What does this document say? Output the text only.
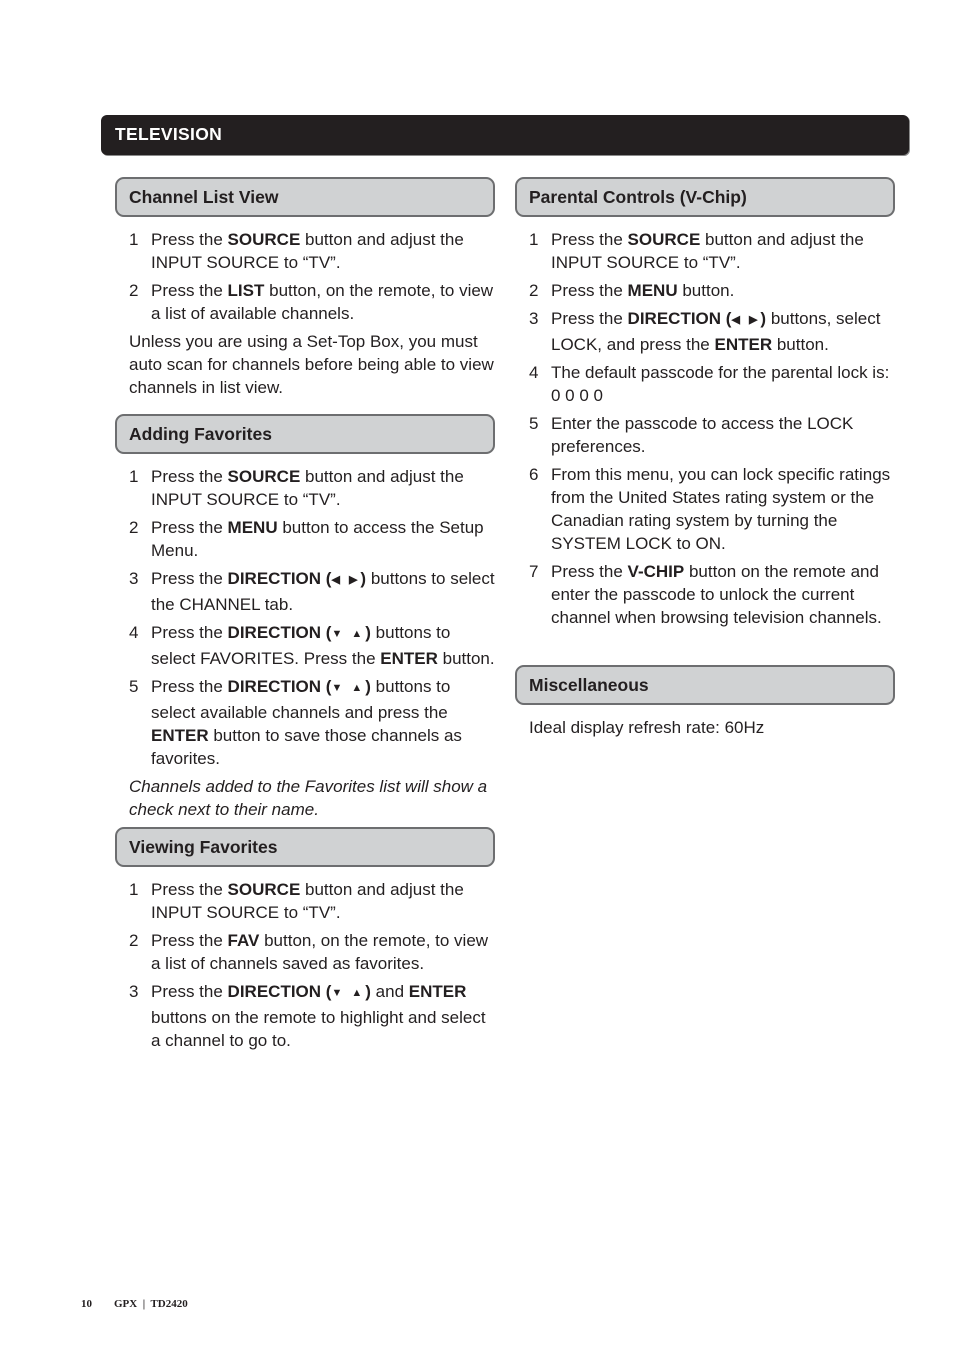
TELEVISION
Channel List View
1 Press the SOURCE button and adjust the INPUT SOURCE to “TV”.
2 Press the LIST button, on the remote, to view a list of available channels.

Unless you are using a Set-Top Box, you must auto scan for channels before being able to view channels in list view.

Adding Favorites
1 Press the SOURCE button and adjust the INPUT SOURCE to “TV”.
2 Press the MENU button to access the Setup Menu.
3 Press the DIRECTION (◀ ▶) buttons to select the CHANNEL tab.
4 Press the DIRECTION (▼ ▲) buttons to select FAVORITES. Press the ENTER button.
5 Press the DIRECTION (▼ ▲) buttons to select available channels and press the ENTER button to save those channels as favorites.

Channels added to the Favorites list will show a check next to their name.

Viewing Favorites
1 Press the SOURCE button and adjust the INPUT SOURCE to “TV”.
2 Press the FAV button, on the remote, to view a list of channels saved as favorites.
3 Press the DIRECTION (▼ ▲) and ENTER buttons on the remote to highlight and select a channel to go to.
Parental Controls (V-Chip)
1 Press the SOURCE button and adjust the INPUT SOURCE to “TV”.
2 Press the MENU button.
3 Press the DIRECTION (◀ ▶) buttons, select LOCK, and press the ENTER button.
4 The default passcode for the parental lock is:  0 0 0 0
5 Enter the passcode to access the LOCK preferences.
6 From this menu, you can lock specific ratings from the United States rating system or the Canadian rating system by turning the SYSTEM LOCK to ON.
7 Press the V-CHIP button on the remote and enter the passcode to unlock the current channel when browsing television channels.
Miscellaneous

Ideal display refresh rate: 60Hz

10 GPX  |  TD2420
